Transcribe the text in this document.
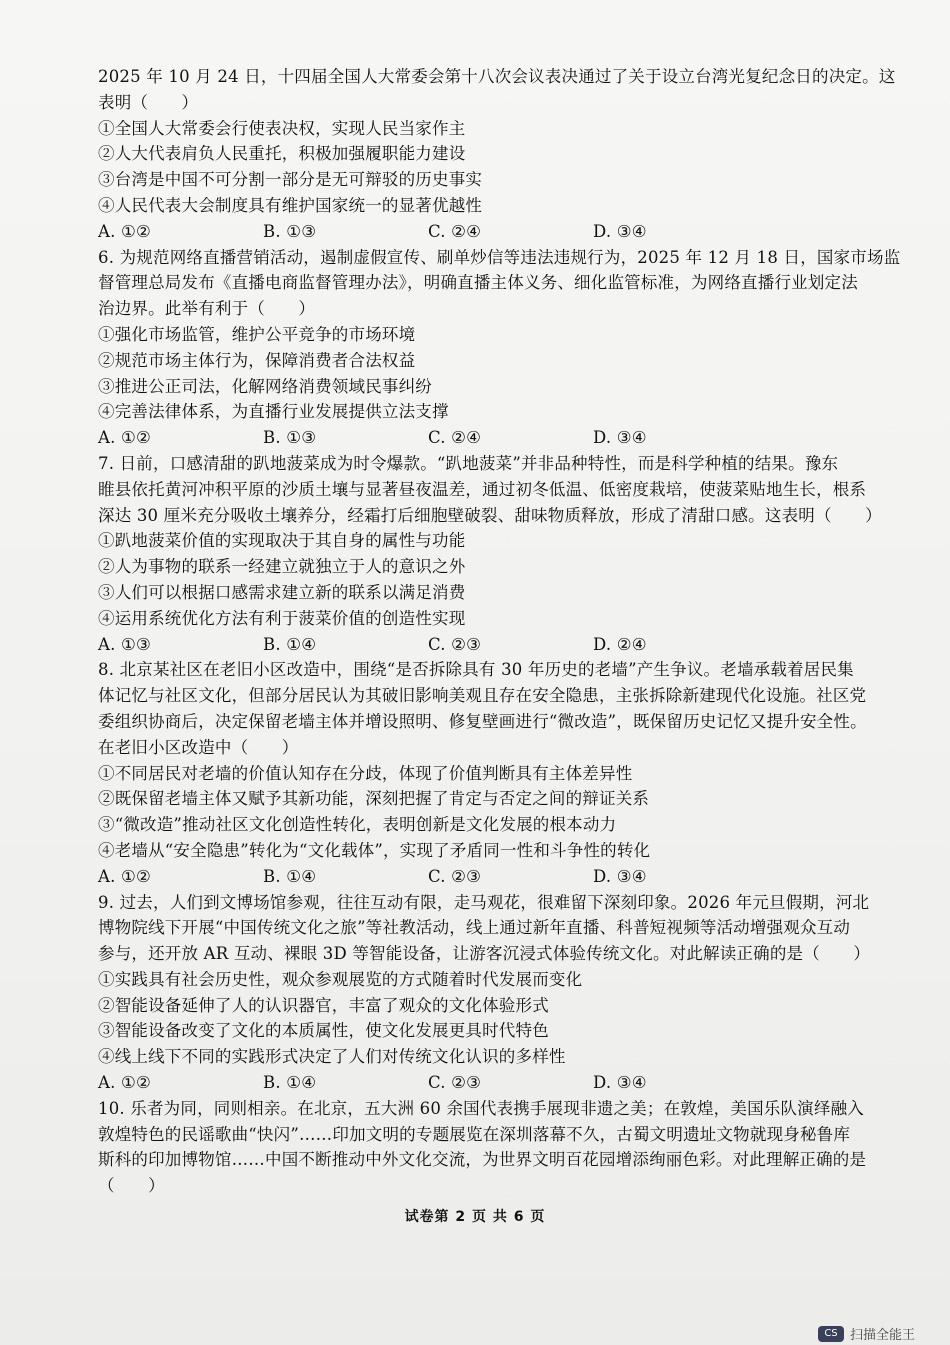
2025 年 10 月 24 日，十四届全国人大常委会第十八次会议表决通过了关于设立台湾光复纪念日的决定。这
表明（　　）
①全国人大常委会行使表决权，实现人民当家作主
②人大代表肩负人民重托，积极加强履职能力建设
③台湾是中国不可分割一部分是无可辩驳的历史事实
④人民代表大会制度具有维护国家统一的显著优越性
A. ①②	B. ①③	C. ②④	D. ③④
6. 为规范网络直播营销活动，遏制虚假宣传、刷单炒信等违法违规行为，2025 年 12 月 18 日，国家市场监
督管理总局发布《直播电商监督管理办法》，明确直播主体义务、细化监管标准，为网络直播行业划定法
治边界。此举有利于（　　）
①强化市场监管，维护公平竞争的市场环境
②规范市场主体行为，保障消费者合法权益
③推进公正司法，化解网络消费领域民事纠纷
④完善法律体系，为直播行业发展提供立法支撑
A. ①②	B. ①③	C. ②④	D. ③④
7. 日前，口感清甜的趴地菠菜成为时令爆款。“趴地菠菜”并非品种特性，而是科学种植的结果。豫东
睢县依托黄河冲积平原的沙质土壤与显著昼夜温差，通过初冬低温、低密度栽培，使菠菜贴地生长，根系
深达 30 厘米充分吸收土壤养分，经霜打后细胞壁破裂、甜味物质释放，形成了清甜口感。这表明（　　）
①趴地菠菜价值的实现取决于其自身的属性与功能
②人为事物的联系一经建立就独立于人的意识之外
③人们可以根据口感需求建立新的联系以满足消费
④运用系统优化方法有利于菠菜价值的创造性实现
A. ①③	B. ①④	C. ②③	D. ②④
8. 北京某社区在老旧小区改造中，围绕“是否拆除具有 30 年历史的老墙”产生争议。老墙承载着居民集
体记忆与社区文化，但部分居民认为其破旧影响美观且存在安全隐患，主张拆除新建现代化设施。社区党
委组织协商后，决定保留老墙主体并增设照明、修复壁画进行“微改造”，既保留历史记忆又提升安全性。
在老旧小区改造中（　　）
①不同居民对老墙的价值认知存在分歧，体现了价值判断具有主体差异性
②既保留老墙主体又赋予其新功能，深刻把握了肯定与否定之间的辩证关系
③“微改造”推动社区文化创造性转化，表明创新是文化发展的根本动力
④老墙从“安全隐患”转化为“文化载体”，实现了矛盾同一性和斗争性的转化
A. ①②	B. ①④	C. ②③	D. ③④
9. 过去，人们到文博场馆参观，往往互动有限，走马观花，很难留下深刻印象。2026 年元旦假期，河北
博物院线下开展“中国传统文化之旅”等社教活动，线上通过新年直播、科普短视频等活动增强观众互动
参与，还开放 AR 互动、裸眼 3D 等智能设备，让游客沉浸式体验传统文化。对此解读正确的是（　　）
①实践具有社会历史性，观众参观展览的方式随着时代发展而变化
②智能设备延伸了人的认识器官，丰富了观众的文化体验形式
③智能设备改变了文化的本质属性，使文化发展更具时代特色
④线上线下不同的实践形式决定了人们对传统文化认识的多样性
A. ①②	B. ①④	C. ②③	D. ③④
10. 乐者为同，同则相亲。在北京，五大洲 60 余国代表携手展现非遗之美；在敦煌，美国乐队演绎融入
敦煌特色的民谣歌曲“快闪”……印加文明的专题展览在深圳落幕不久，古蜀文明遗址文物就现身秘鲁库
斯科的印加博物馆……中国不断推动中外文化交流，为世界文明百花园增添绚丽色彩。对此理解正确的是
（　　）
试卷第 2 页 共 6 页
CS 扫描全能王
